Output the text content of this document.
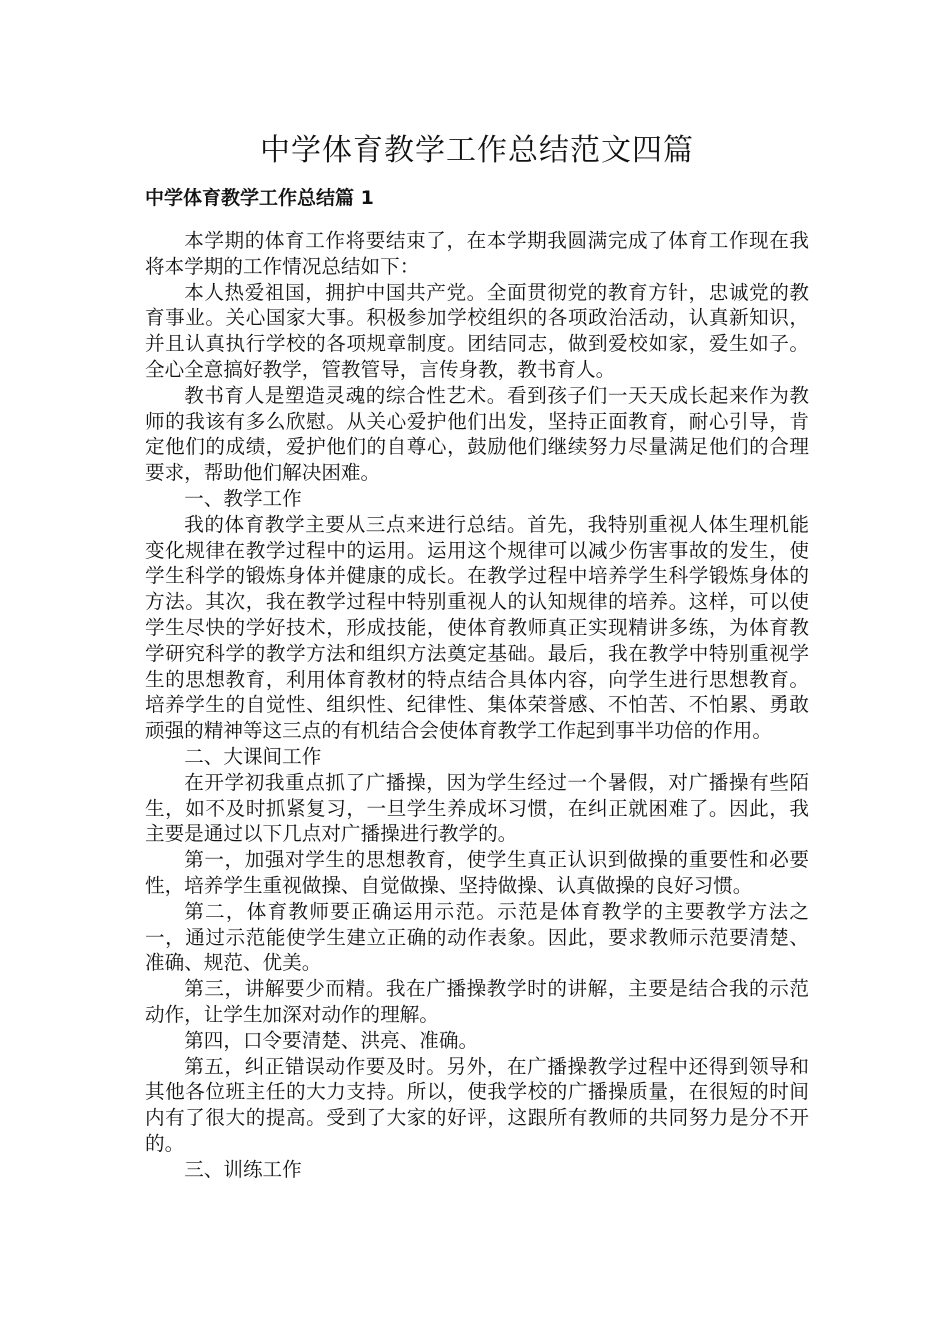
中学体育教学工作总结范文四篇
中学体育教学工作总结篇 1

本学期的体育工作将要结束了，在本学期我圆满完成了体育工作现在我将本学期的工作情况总结如下：

本人热爱祖国，拥护中国共产党。全面贯彻党的教育方针，忠诚党的教育事业。关心国家大事。积极参加学校组织的各项政治活动，认真新知识，并且认真执行学校的各项规章制度。团结同志，做到爱校如家，爱生如子。全心全意搞好教学，管教管导，言传身教，教书育人。

教书育人是塑造灵魂的综合性艺术。看到孩子们一天天成长起来作为教师的我该有多么欣慰。从关心爱护他们出发，坚持正面教育，耐心引导，肯定他们的成绩，爱护他们的自尊心，鼓励他们继续努力尽量满足他们的合理要求，帮助他们解决困难。

一、教学工作

我的体育教学主要从三点来进行总结。首先，我特别重视人体生理机能变化规律在教学过程中的运用。运用这个规律可以减少伤害事故的发生，使学生科学的锻炼身体并健康的成长。在教学过程中培养学生科学锻炼身体的方法。其次，我在教学过程中特别重视人的认知规律的培养。这样，可以使学生尽快的学好技术，形成技能，使体育教师真正实现精讲多练，为体育教学研究科学的教学方法和组织方法奠定基础。最后，我在教学中特别重视学生的思想教育，利用体育教材的特点结合具体内容，向学生进行思想教育。培养学生的自觉性、组织性、纪律性、集体荣誉感、不怕苦、不怕累、勇敢顽强的精神等这三点的有机结合会使体育教学工作起到事半功倍的作用。

二、大课间工作

在开学初我重点抓了广播操，因为学生经过一个暑假，对广播操有些陌生，如不及时抓紧复习，一旦学生养成坏习惯，在纠正就困难了。因此，我主要是通过以下几点对广播操进行教学的。

第一，加强对学生的思想教育，使学生真正认识到做操的重要性和必要性，培养学生重视做操、自觉做操、坚持做操、认真做操的良好习惯。

第二，体育教师要正确运用示范。示范是体育教学的主要教学方法之一，通过示范能使学生建立正确的动作表象。因此，要求教师示范要清楚、准确、规范、优美。

第三，讲解要少而精。我在广播操教学时的讲解，主要是结合我的示范动作，让学生加深对动作的理解。

第四，口令要清楚、洪亮、准确。

第五，纠正错误动作要及时。另外，在广播操教学过程中还得到领导和其他各位班主任的大力支持。所以，使我学校的广播操质量，在很短的时间内有了很大的提高。受到了大家的好评，这跟所有教师的共同努力是分不开的。

三、训练工作
